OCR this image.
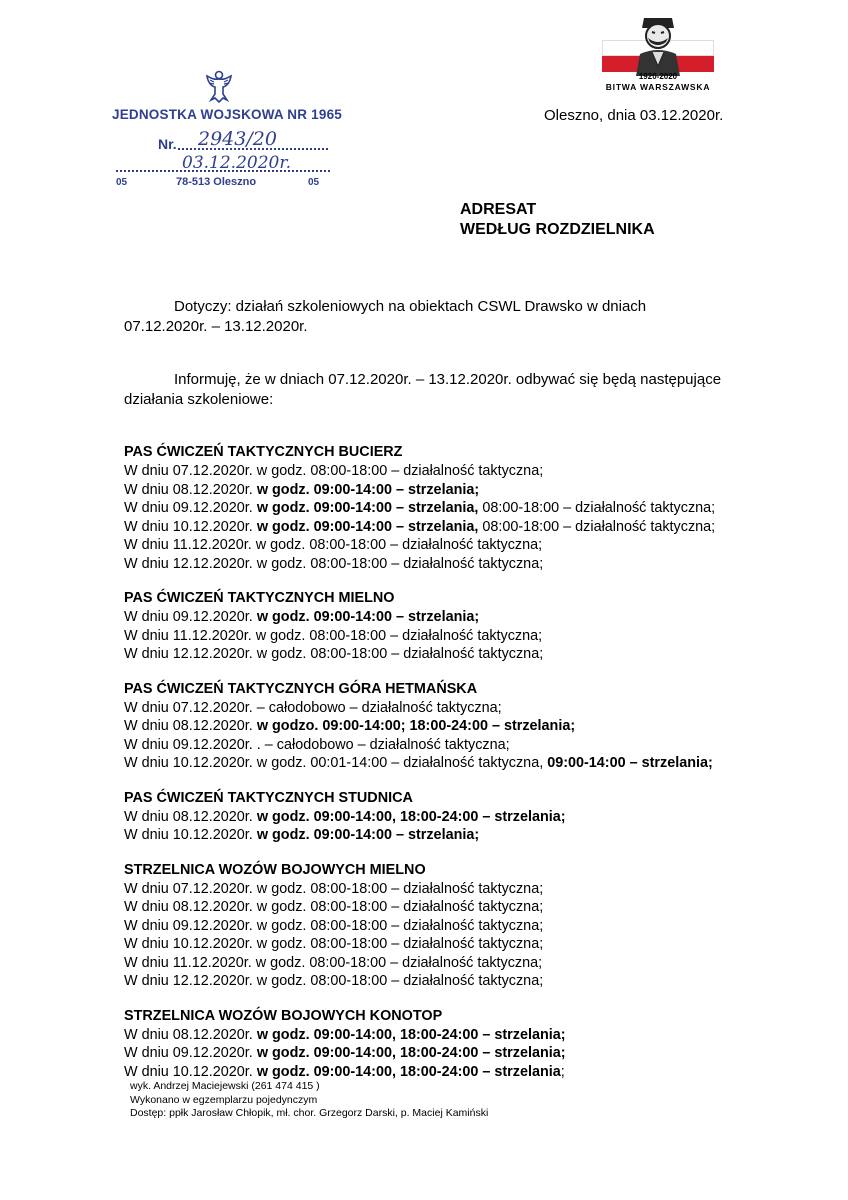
JEDNOSTKA WOJSKOWA NR 1965
Nr. 2943/20
03.12.2020r.
05	78-513 Oleszno	05
1920-2020
BITWA WARSZAWSKA
Oleszno, dnia 03.12.2020r.
ADRESAT
WEDŁUG ROZDZIELNIKA
Dotyczy: działań szkoleniowych na obiektach CSWL Drawsko w dniach
07.12.2020r. – 13.12.2020r.
Informuję, że w dniach 07.12.2020r. – 13.12.2020r. odbywać się będą następujące
działania szkoleniowe:
PAS ĆWICZEŃ TAKTYCZNYCH BUCIERZ
W dniu 07.12.2020r. w godz. 08:00-18:00 – działalność taktyczna;
W dniu 08.12.2020r. w godz. 09:00-14:00 – strzelania;
W dniu 09.12.2020r. w godz. 09:00-14:00 – strzelania, 08:00-18:00 – działalność taktyczna;
W dniu 10.12.2020r. w godz. 09:00-14:00 – strzelania, 08:00-18:00 – działalność taktyczna;
W dniu 11.12.2020r. w godz. 08:00-18:00 – działalność taktyczna;
W dniu 12.12.2020r. w godz. 08:00-18:00 – działalność taktyczna;
PAS ĆWICZEŃ TAKTYCZNYCH MIELNO
W dniu 09.12.2020r. w godz. 09:00-14:00 – strzelania;
W dniu 11.12.2020r. w godz. 08:00-18:00 – działalność taktyczna;
W dniu 12.12.2020r. w godz. 08:00-18:00 – działalność taktyczna;
PAS ĆWICZEŃ TAKTYCZNYCH GÓRA HETMAŃSKA
W dniu 07.12.2020r. – całodobowo – działalność taktyczna;
W dniu 08.12.2020r. w godzo. 09:00-14:00; 18:00-24:00 – strzelania;
W dniu 09.12.2020r. . – całodobowo – działalność taktyczna;
W dniu 10.12.2020r. w godz. 00:01-14:00 – działalność taktyczna, 09:00-14:00 – strzelania;
PAS ĆWICZEŃ TAKTYCZNYCH STUDNICA
W dniu 08.12.2020r. w godz. 09:00-14:00, 18:00-24:00 – strzelania;
W dniu 10.12.2020r. w godz. 09:00-14:00 – strzelania;
STRZELNICA WOZÓW BOJOWYCH MIELNO
W dniu 07.12.2020r. w godz. 08:00-18:00 – działalność taktyczna;
W dniu 08.12.2020r. w godz. 08:00-18:00 – działalność taktyczna;
W dniu 09.12.2020r. w godz. 08:00-18:00 – działalność taktyczna;
W dniu 10.12.2020r. w godz. 08:00-18:00 – działalność taktyczna;
W dniu 11.12.2020r. w godz. 08:00-18:00 – działalność taktyczna;
W dniu 12.12.2020r. w godz. 08:00-18:00 – działalność taktyczna;
STRZELNICA WOZÓW BOJOWYCH KONOTOP
W dniu 08.12.2020r. w godz. 09:00-14:00, 18:00-24:00 – strzelania;
W dniu 09.12.2020r. w godz. 09:00-14:00, 18:00-24:00 – strzelania;
W dniu 10.12.2020r. w godz. 09:00-14:00, 18:00-24:00 – strzelania;
wyk. Andrzej Maciejewski (261 474 415 )
Wykonano w egzemplarzu pojedynczym
Dostęp: ppłk Jarosław Chłopik, mł. chor. Grzegorz Darski, p. Maciej Kamiński
